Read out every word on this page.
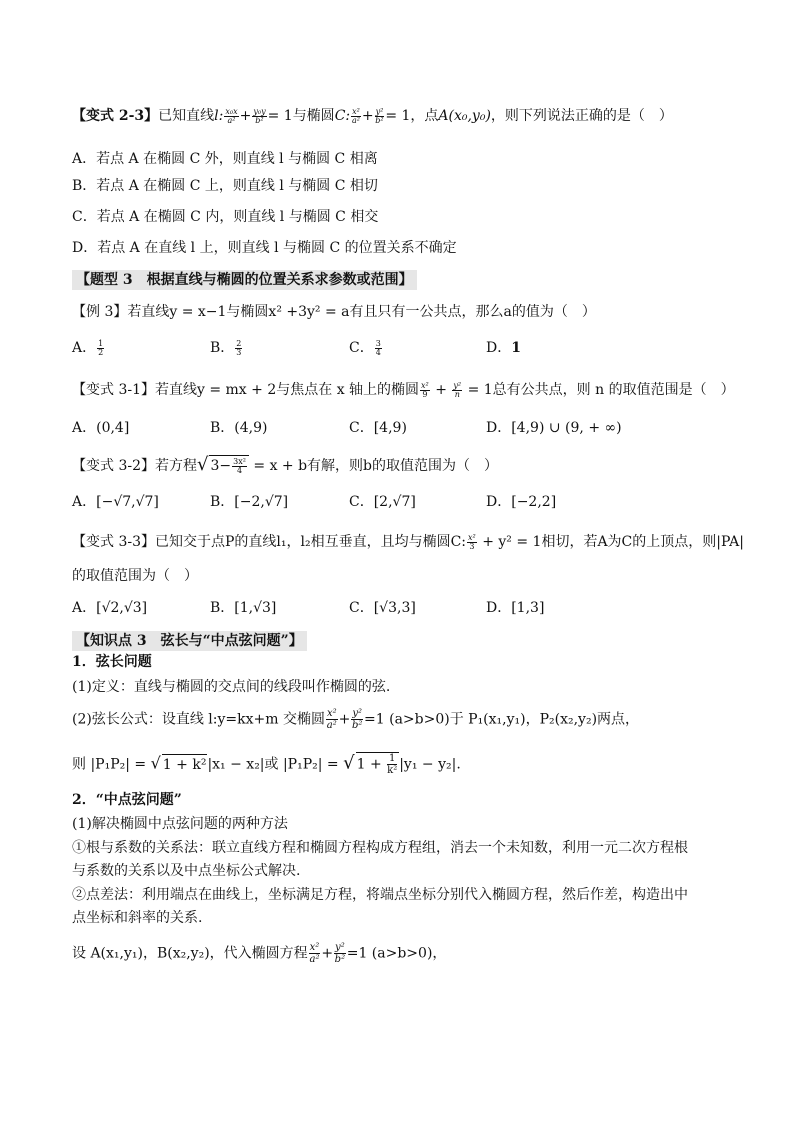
【变式 2-3】已知直线l: $\frac{\text{x₀x}}{\text{a²}} + \frac{\text{y₀y}}{\text{b²}} = 1$与椭圆C: $\frac{\text{x²}}{\text{a²}} + \frac{\text{y²}}{\text{b²}} = 1$，点A(x₀,y₀)，则下列说法正确的是（　）
A．若点 A 在椭圆 C 外，则直线 l 与椭圆 C 相离
B．若点 A 在椭圆 C 上，则直线 l 与椭圆 C 相切
C．若点 A 在椭圆 C 内，则直线 l 与椭圆 C 相交
D．若点 A 在直线 l 上，则直线 l 与椭圆 C 的位置关系不确定
【题型 3　根据直线与椭圆的位置关系求参数或范围】
【例 3】若直线y = x−1与椭圆x² +3y² = a有且只有一公共点，那么a的值为（　）
A． $\frac{1}{2}$	B． $\frac{2}{3}$	C． $\frac{3}{4}$	D．1
【变式 3-1】若直线y = mx + 2与焦点在 x 轴上的椭圆 $\frac{\text{x²}}{9} + \frac{\text{y²}}{n} = 1$总有公共点，则 n 的取值范围是（　）
A．(0,4]	B．(4,9)	C．[4,9)	D．[4,9) ∪ (9, + ∞)
【变式 3-2】若方程√ $3- \frac{\text{3x²}}{4} = x + b$有解，则b的取值范围为（　）
A．[−√7,√7]	B．[−2,√7]	C．[2,√7]	D．[−2,2]
【变式 3-3】已知交于点P的直线l₁，l₂相互垂直，且均与椭圆C: $\frac{\text{x²}}{3} + y^2 = 1$相切，若A为C的上顶点，则|PA|
的取值范围为（　）
A．[√2,√3]	B．[1,√3]	C．[√3,3]	D．[1,3]
【知识点 3　弦长与“中点弦问题”】
1．弦长问题
(1)定义：直线与椭圆的交点间的线段叫作椭圆的弦.
(2)弦长公式：设直线 l:y=kx+m 交椭圆 $\frac{\text{x²}}{\text{a²}} + \frac{\text{y²}}{\text{b²}} =1$ (a>b>0)于 P₁(x₁,y₁)，P₂(x₂,y₂)两点，
则 |P₁P₂| = √ 1 + k²|x₁ − x₂|或 |P₁P₂| = √ $1 + \frac{1}{\text{k²}} |y_1 - y_2|$.
2．“中点弦问题”
(1)解决椭圆中点弦问题的两种方法
①根与系数的关系法：联立直线方程和椭圆方程构成方程组，消去一个未知数，利用一元二次方程根
与系数的关系以及中点坐标公式解决.
②点差法：利用端点在曲线上，坐标满足方程，将端点坐标分别代入椭圆方程，然后作差，构造出中
点坐标和斜率的关系.
设 A(x₁,y₁)，B(x₂,y₂)，代入椭圆方程 $\frac{\text{x²}}{\text{a²}} + \frac{\text{y²}}{\text{b²}} =1$ (a>b>0)，
